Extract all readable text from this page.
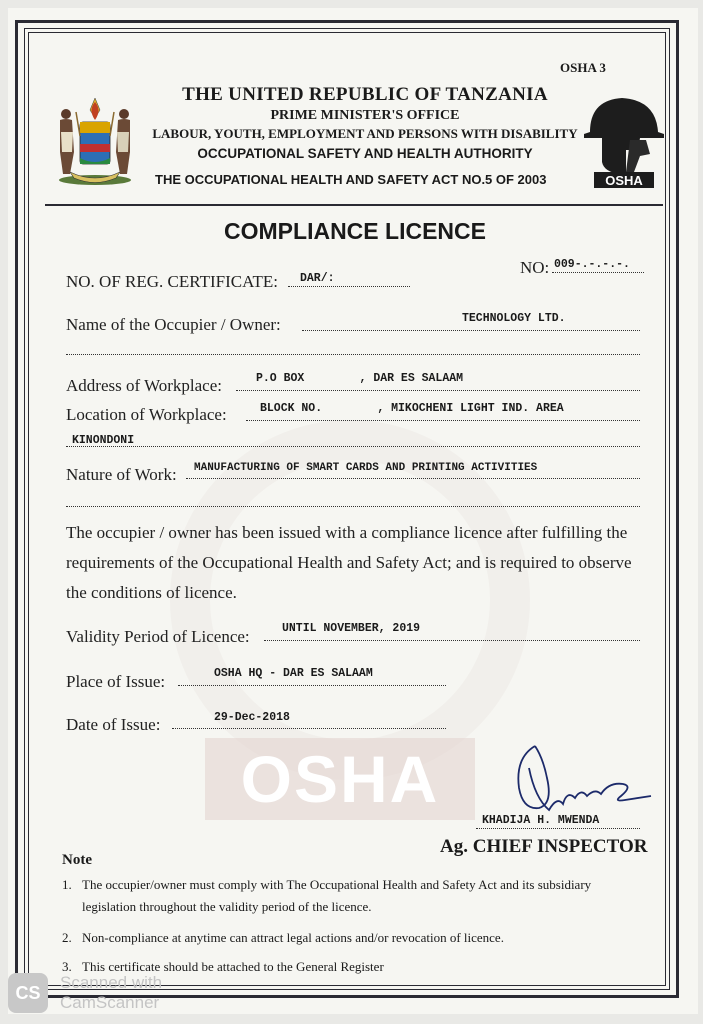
OSHA
OSHA 3
OSHA
THE UNITED REPUBLIC OF TANZANIA
PRIME MINISTER'S OFFICE
LABOUR, YOUTH, EMPLOYMENT AND PERSONS WITH DISABILITY
OCCUPATIONAL SAFETY AND HEALTH AUTHORITY
THE OCCUPATIONAL HEALTH AND SAFETY ACT NO.5 OF 2003
COMPLIANCE LICENCE
NO: 009-.-.-.-.
NO. OF REG. CERTIFICATE: DAR/:
Name of the Occupier / Owner:	TECHNOLOGY LTD.
Address of Workplace:	P.O BOX        , DAR ES SALAAM
Location of Workplace:	BLOCK NO.        , MIKOCHENI LIGHT IND. AREA
KINONDONI
Nature of Work: MANUFACTURING OF SMART CARDS AND PRINTING ACTIVITIES
The occupier / owner has been issued with a compliance licence after fulfilling the requirements of the Occupational Health and Safety Act; and is required to observe the conditions of licence.
Validity Period of Licence:	UNTIL NOVEMBER, 2019
Place of Issue:	OSHA HQ - DAR ES SALAAM
Date of Issue:	29-Dec-2018
KHADIJA H. MWENDA
Ag. CHIEF INSPECTOR
Note
1. The occupier/owner must comply with The Occupational Health and Safety Act and its subsidiary
legislation throughout the validity period of the licence.
2. Non-compliance at anytime can attract legal actions and/or revocation of licence.
3. This certificate should be attached to the General Register
CS
Scanned with
CamScanner
